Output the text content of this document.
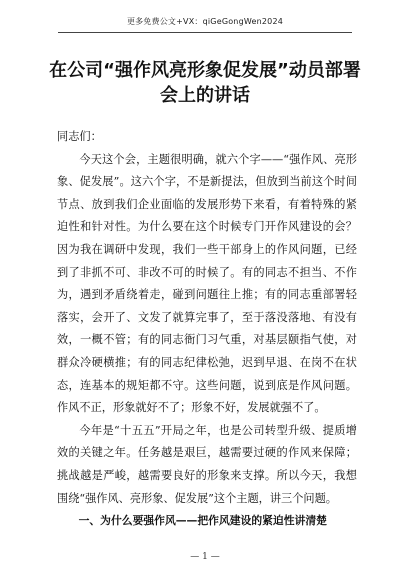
更多免费公文+VX：qiGeGongWen2024
在公司“强作风亮形象促发展”动员部署
会上的讲话

同志们：

今天这个会，主题很明确，就六个字——“强作风、亮形象、促发展”。这六个字，不是新提法，但放到当前这个时间节点、放到我们企业面临的发展形势下来看，有着特殊的紧迫性和针对性。为什么要在这个时候专门开作风建设的会？因为我在调研中发现，我们一些干部身上的作风问题，已经到了非抓不可、非改不可的时候了。有的同志不担当、不作为，遇到矛盾绕着走，碰到问题往上推；有的同志重部署轻落实，会开了、文发了就算完事了，至于落没落地、有没有效，一概不管；有的同志衙门习气重，对基层颐指气使，对群众冷硬横推；有的同志纪律松弛，迟到早退、在岗不在状态，连基本的规矩都不守。这些问题，说到底是作风问题。作风不正，形象就好不了；形象不好，发展就强不了。

今年是“十五五”开局之年，也是公司转型升级、提质增效的关键之年。任务越是艰巨，越需要过硬的作风来保障；挑战越是严峻，越需要良好的形象来支撑。所以今天，我想围绕“强作风、亮形象、促发展”这个主题，讲三个问题。

一、为什么要强作风——把作风建设的紧迫性讲清楚

— 1 —
